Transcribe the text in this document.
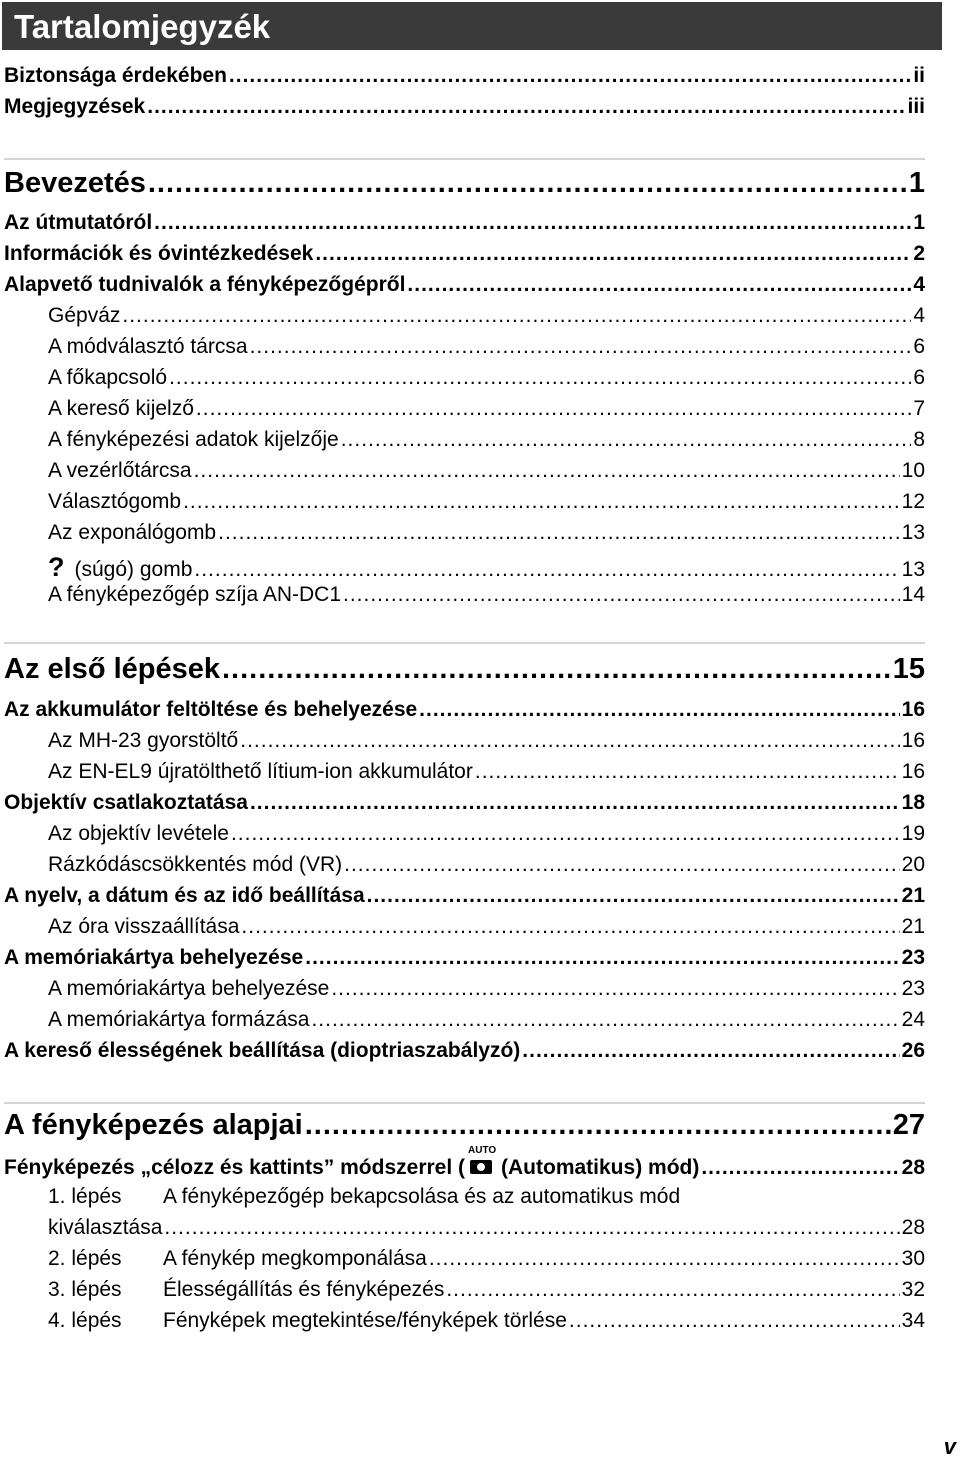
Tartalomjegyzék
Biztonsága érdekében .....	ii
Megjegyzések .....	iii
Bevezetés .....	1
Az útmutatóról .....	1
Információk és óvintézkedések .....	2
Alapvető tudnivalók a fényképezőgépről .....	4
Gépváz .....	4
A módválasztó tárcsa .....	6
A főkapcsoló .....	6
A kereső kijelző .....	7
A fényképezési adatok kijelzője .....	8
A vezérlőtárcsa .....	10
Választógomb .....	12
Az exponálógomb .....	13
? (súgó) gomb .....	13
A fényképezőgép szíja AN-DC1 .....	14
Az első lépések .....	15
Az akkumulátor feltöltése és behelyezése .....	16
Az MH-23 gyorstöltő .....	16
Az EN-EL9 újratölthető lítium-ion akkumulátor .....	16
Objektív csatlakoztatása .....	18
Az objektív levétele .....	19
Rázkódáscsökkentés mód (VR) .....	20
A nyelv, a dátum és az idő beállítása .....	21
Az óra visszaállítása .....	21
A memóriakártya behelyezése .....	23
A memóriakártya behelyezése .....	23
A memóriakártya formázása .....	24
A kereső élességének beállítása (dioptriaszabályzó) .....	26
A fényképezés alapjai .....	27
Fényképezés „célozz és kattints” módszerrel (
AUTO
(Automatikus) mód) .....	28
1. lépés A fényképezőgép bekapcsolása és az automatikus mód
kiválasztása .....	28
2. lépés A fénykép megkomponálása .....	30
3. lépés Élességállítás és fényképezés .....	32
4. lépés Fényképek megtekintése/fényképek törlése .....	34
v
